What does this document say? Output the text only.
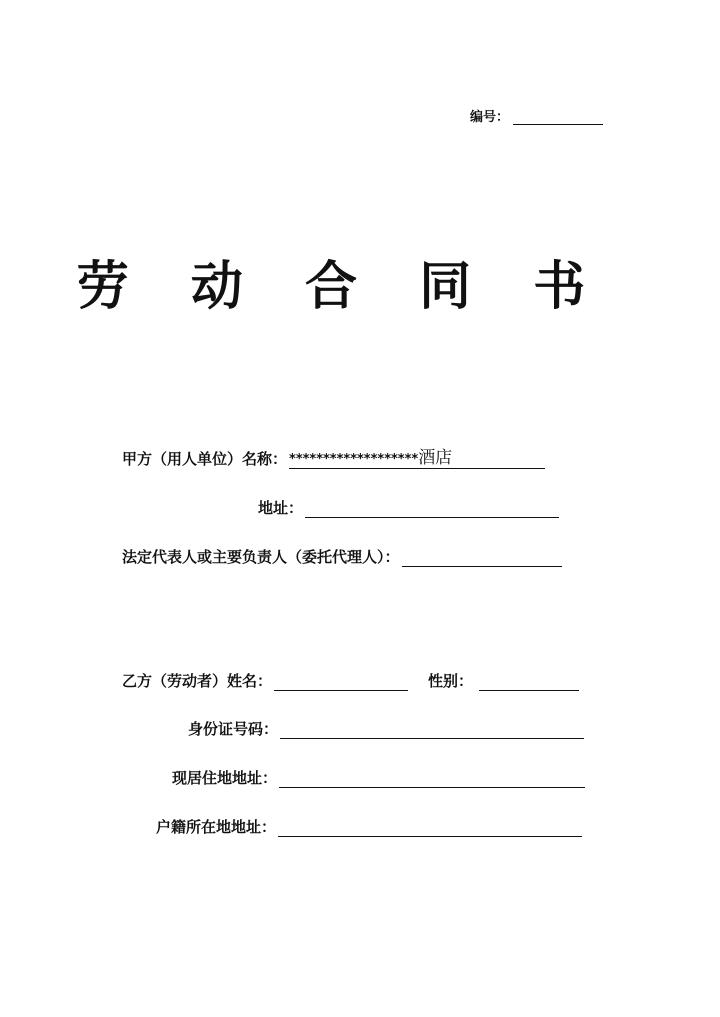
编号：
劳 动 合 同 书
甲方（用人单位）名称： *******************酒店
地址：
法定代表人或主要负责人（委托代理人）：
乙方（劳动者）姓名：	性别：
身份证号码：
现居住地地址：
户籍所在地地址：
